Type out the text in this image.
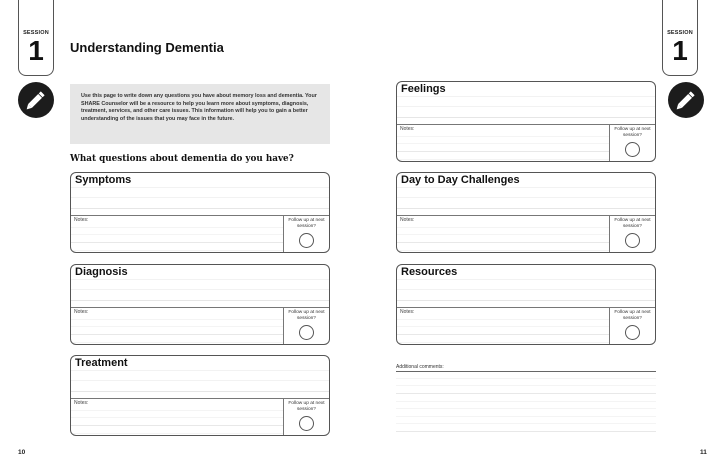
SESSION
1
SESSION
1
Understanding Dementia
Use this page to write down any questions you have about memory loss and dementia. Your SHARE Counselor will be a resource to help you learn more about symptoms, diagnosis, treatment, services, and other care issues. This information will help you to gain a better understanding of the issues that you may face in the future.
What questions about dementia do you have?
Symptoms
Notes:	Follow up at next session?
Diagnosis
Notes:	Follow up at next session?
Treatment
Notes:	Follow up at next session?
Feelings
Notes:	Follow up at next session?
Day to Day Challenges
Notes:	Follow up at next session?
Resources
Notes:	Follow up at next session?
Additional comments:
10	11
